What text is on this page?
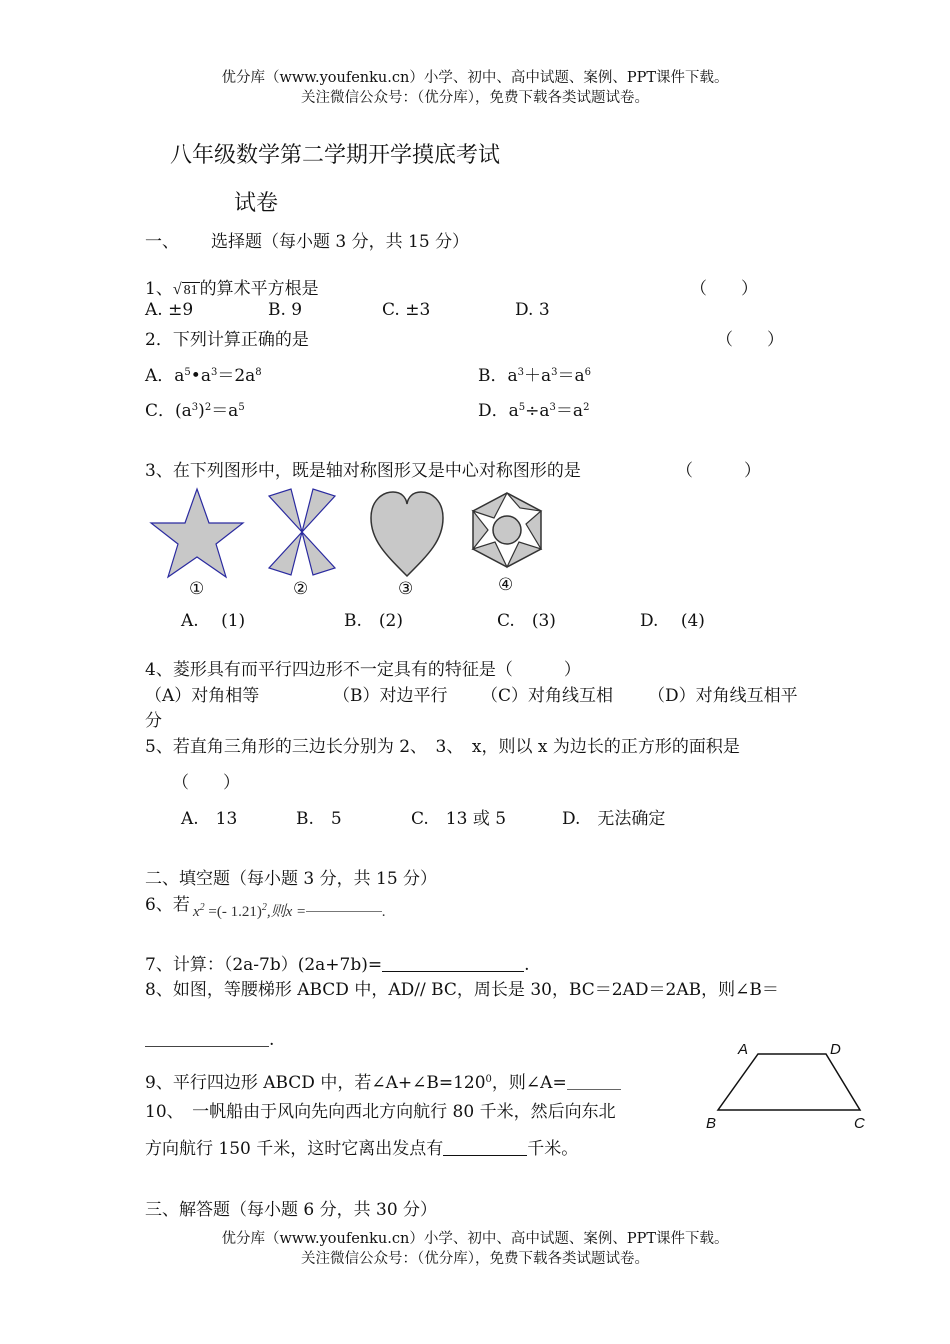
优分库（www.youfenku.cn）小学、初中、高中试题、案例、PPT课件下载。
关注微信公众号：（优分库），免费下载各类试题试卷。
八年级数学第二学期开学摸底考试
试卷
一、 选择题（每小题 3 分，共 15 分）
1、√ 81 的算术平方根是	（　　）
A. ±9	B. 9	C. ±3	D. 3
2．下列计算正确的是	（　　）
A．$a^5•a^3=2a^8$	B．$a^3+a^3=a^6$
C．$(a^3)^2=a^5$	D．$a^5\div a^3=a^2$
3、在下列图形中，既是轴对称图形又是中心对称图形的是	（　　　）
①	②	③	④
A.　 (1)	B.　 (2)	C.　 (3)	D.　 (4)
4、菱形具有而平行四边形不一定具有的特征是（　　　）
（A）对角相等	（B）对边平行 （C）对角线互相 （D）对角线互相平
分
5、若直角三角形的三边长分别为 2、　3、　x，则以 x 为边长的正方形的面积是
（　　）
A.　13	B.　5	C.　13 或 5	D.　无法确定
二、填空题（每小题 3 分，共 15 分）
6、若 $x^2$ =(- 1.21)$^2$,则x =	.
7、计算：（2a-7b）(2a+7b)=	.
8、如图，等腰梯形 ABCD 中，AD// BC，周长是 30，BC＝2AD＝2AB，则∠B＝
.	A	D
B	C
9、平行四边形 ABCD 中，若$\angle A+\angle B=120^0$，则∠A=
10、　一帆船由于风向先向西北方向航行 80 千米，然后向东北
方向航行 150 千米，这时它离出发点有	千米。
三、解答题（每小题 6 分，共 30 分）
优分库（www.youfenku.cn）小学、初中、高中试题、案例、PPT课件下载。
关注微信公众号：（优分库），免费下载各类试题试卷。
